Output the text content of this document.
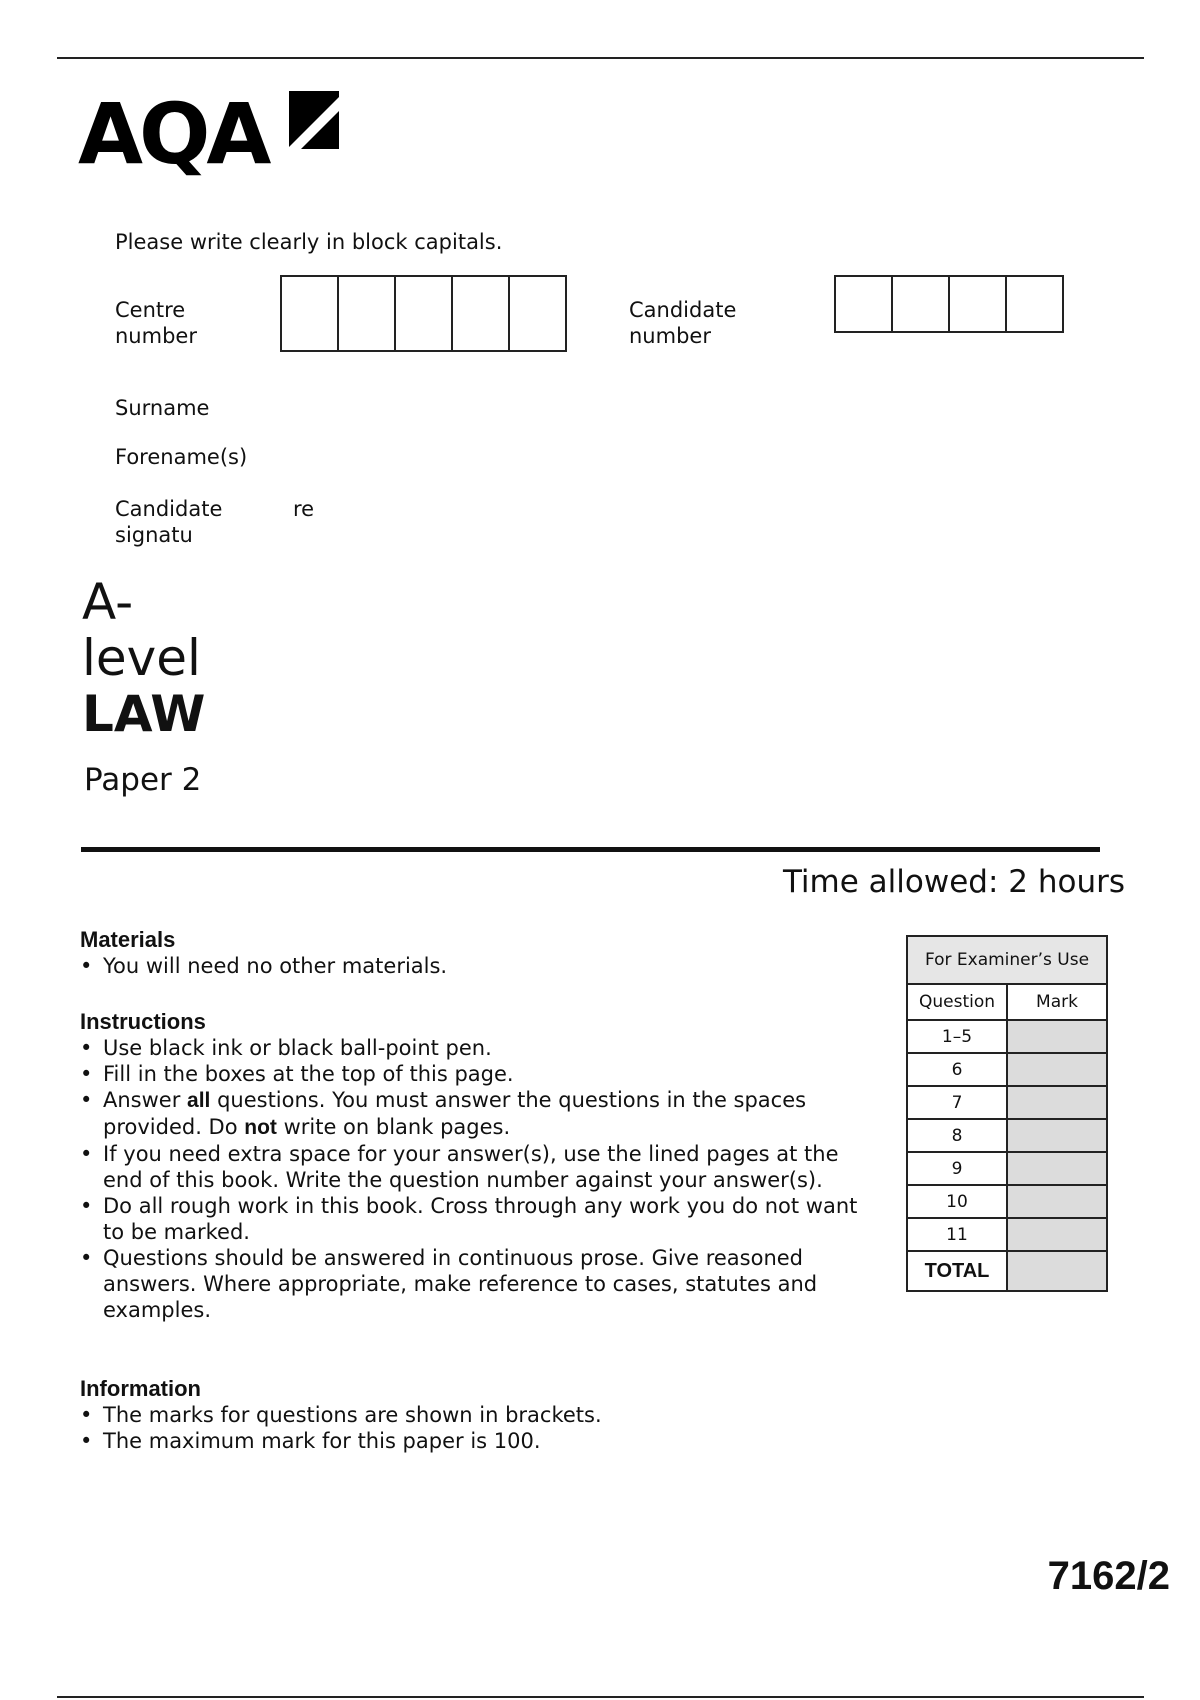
AQA
Please write clearly in block capitals.
Centre
number
Candidate
number
Surname
Forename(s)
Candidate
signatu
re
A-
level
LAW
Paper 2
Time allowed: 2 hours
Materials
• You will need no other materials.
Instructions
• Use black ink or black ball-point pen.
• Fill in the boxes at the top of this page.
• Answer all questions. You must answer the questions in the spaces provided. Do not write on blank pages.
• If you need extra space for your answer(s), use the lined pages at the end of this book. Write the question number against your answer(s).
• Do all rough work in this book. Cross through any work you do not want to be marked.
• Questions should be answered in continuous prose. Give reasoned answers. Where appropriate, make reference to cases, statutes and examples.
Information
• The marks for questions are shown in brackets.
• The maximum mark for this paper is 100.
For Examiner’s Use	
Question	Mark
1–5	
6	
7	
8	
9	
10	
11	
TOTAL	
7162/2
